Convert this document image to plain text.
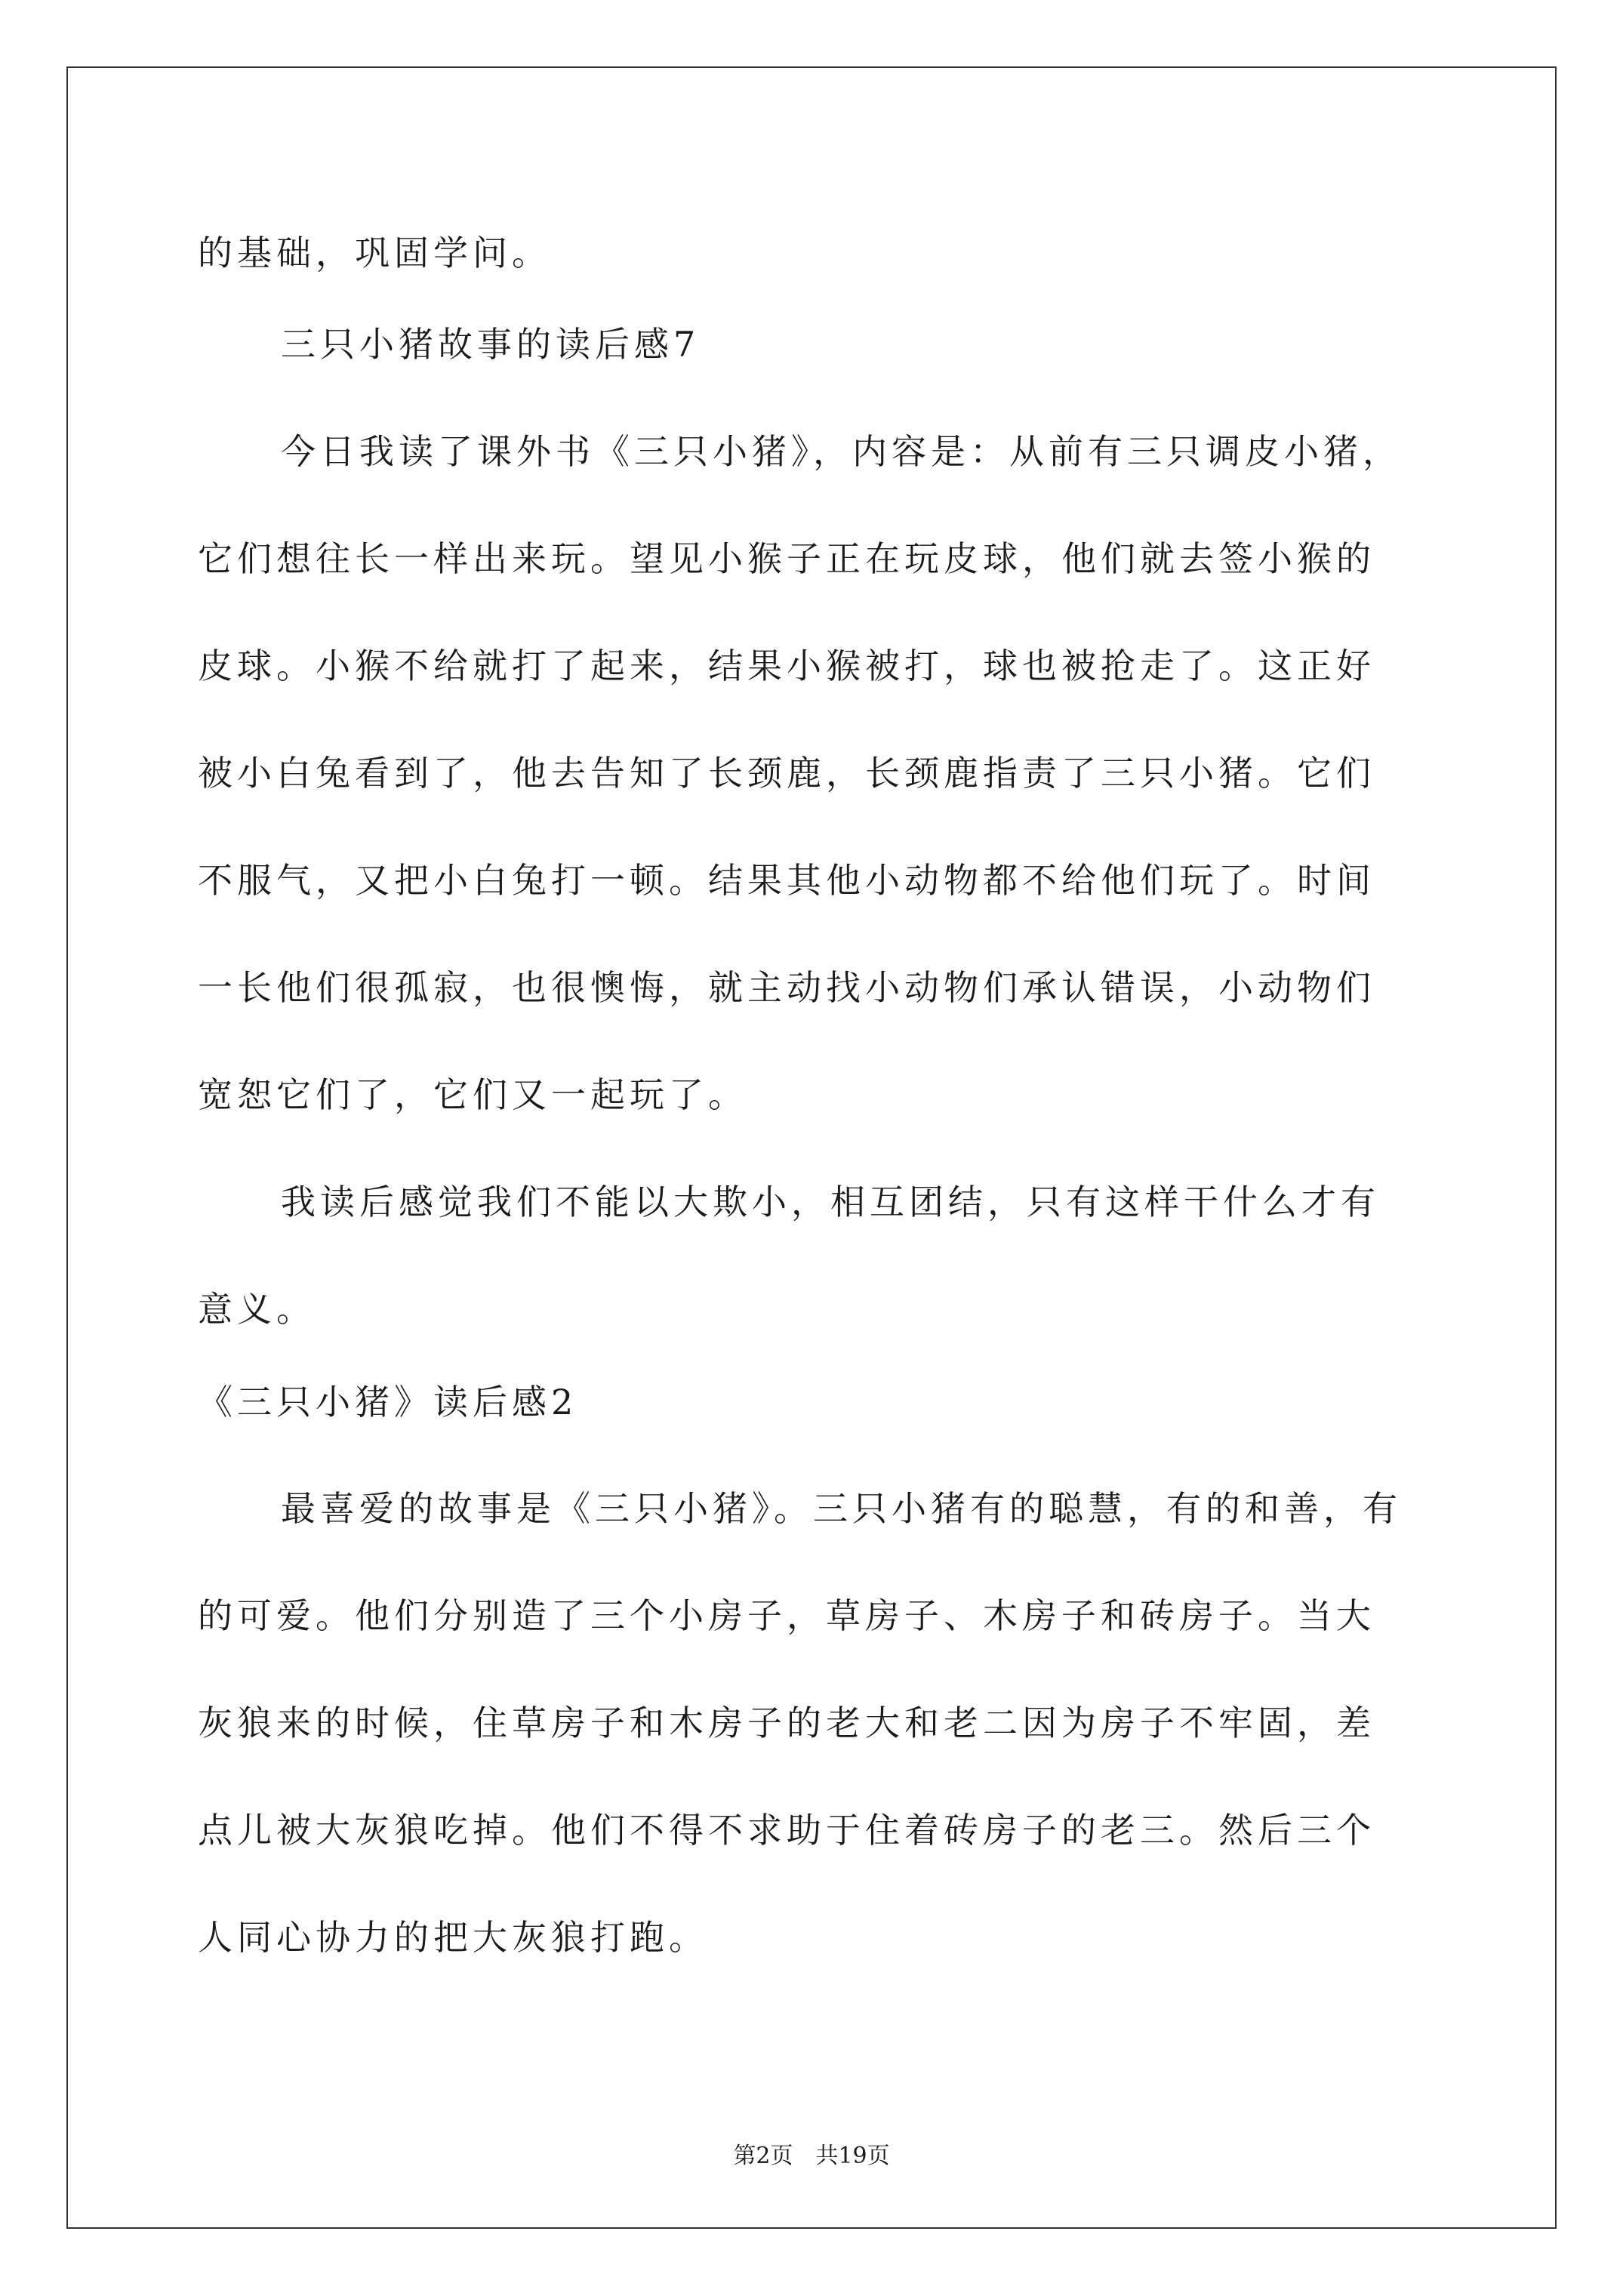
的基础，巩固学问。
三只小猪故事的读后感7
今日我读了课外书《三只小猪》，内容是：从前有三只调皮小猪，
它们想往长一样出来玩。望见小猴子正在玩皮球，他们就去签小猴的
皮球。小猴不给就打了起来，结果小猴被打，球也被抢走了。这正好
被小白兔看到了，他去告知了长颈鹿，长颈鹿指责了三只小猪。它们
不服气，又把小白兔打一顿。结果其他小动物都不给他们玩了。时间
一长他们很孤寂，也很懊悔，就主动找小动物们承认错误，小动物们
宽恕它们了，它们又一起玩了。
我读后感觉我们不能以大欺小，相互团结，只有这样干什么才有
意义。
《三只小猪》读后感2
最喜爱的故事是《三只小猪》。三只小猪有的聪慧，有的和善，有
的可爱。他们分别造了三个小房子，草房子、木房子和砖房子。当大
灰狼来的时候，住草房子和木房子的老大和老二因为房子不牢固，差
点儿被大灰狼吃掉。他们不得不求助于住着砖房子的老三。然后三个
人同心协力的把大灰狼打跑。
第2页　共19页
